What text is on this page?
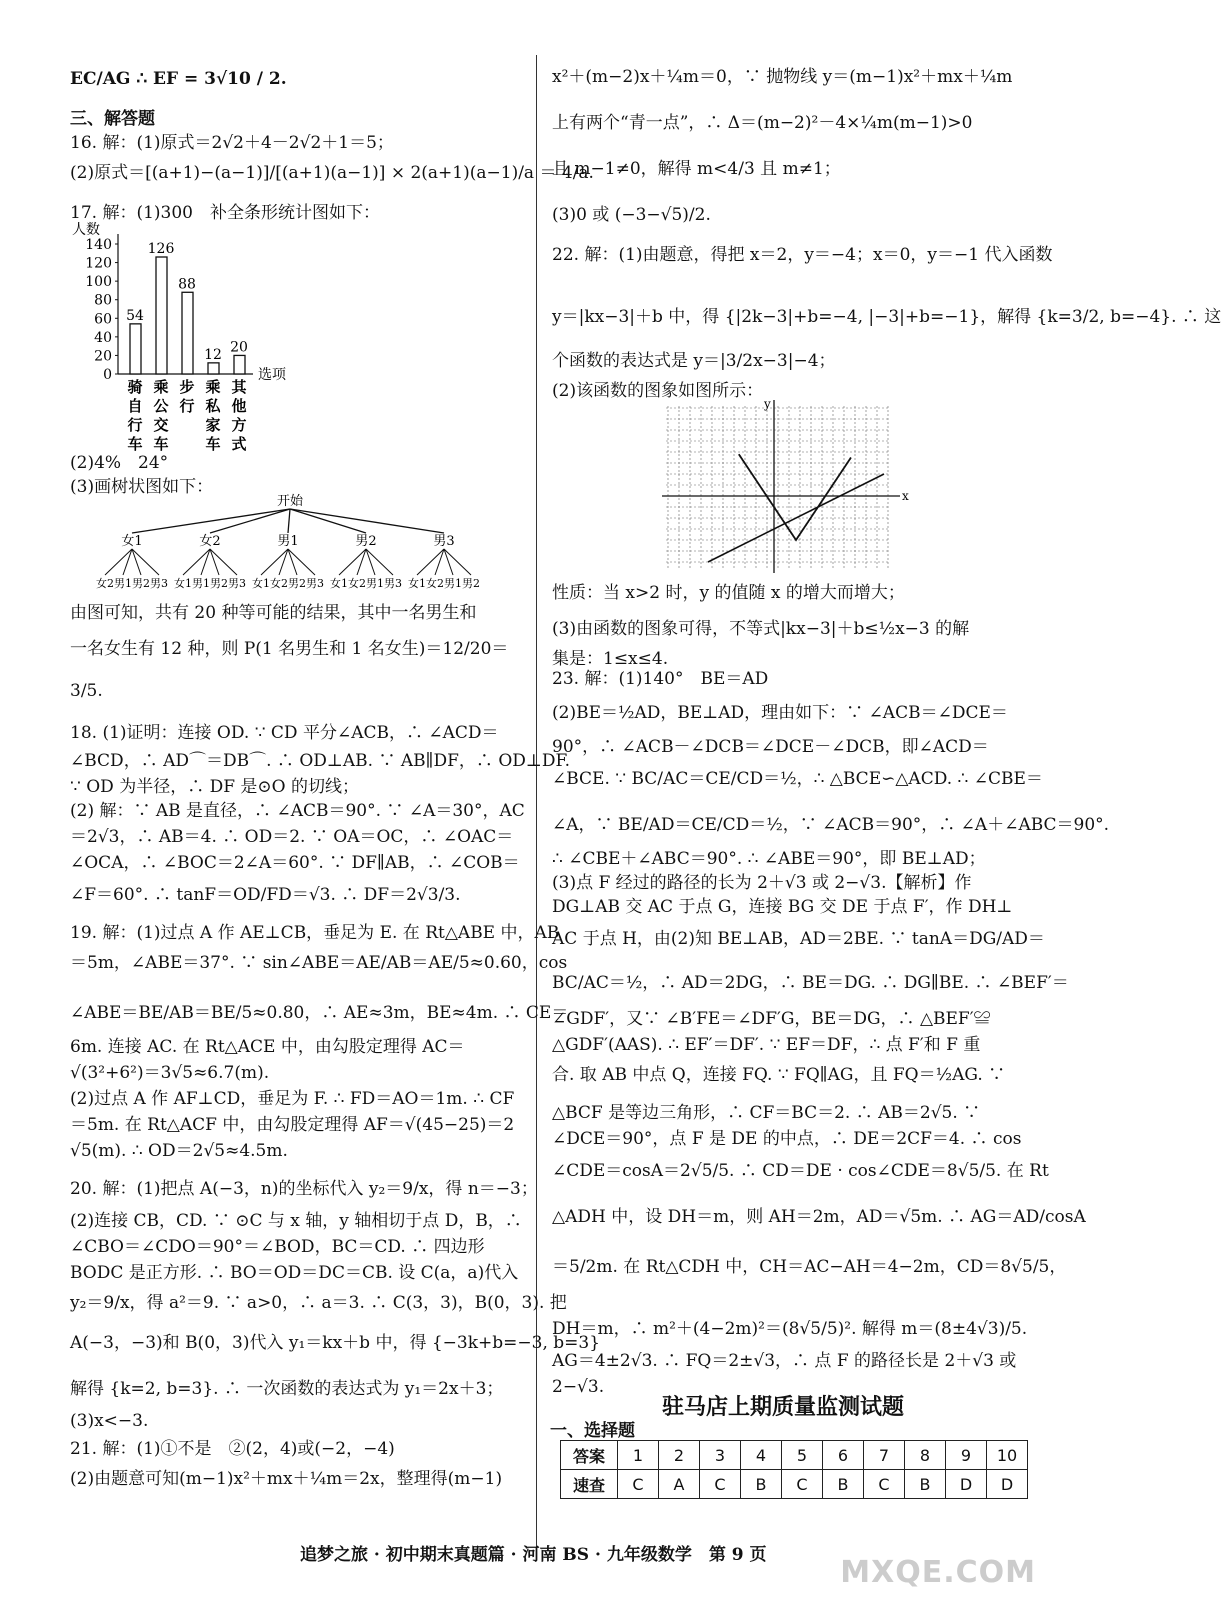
EC/AG ∴ EF = 3√10 / 2.
三、解答题
16. 解：(1)原式＝2√2＋4－2√2＋1＝5；
(2)原式＝[(a+1)−(a−1)]/[(a+1)(a−1)] × 2(a+1)(a−1)/a ＝ 4/a.
17. 解：(1)300　补全条形统计图如下：
人数
选项
140
120
100
80
60
40
20
0
54
骑
自
行
车
126
乘
公
交
车
88
步
行
12
乘
私
家
车
20
其
他
方
式
(2)4%　24°
(3)画树状图如下：
开始
女1
女2 男1 男2 男3
女2
女1 男1 男2 男3
男1
女1 女2 男2 男3
男2
女1 女2 男1 男3
男3
女1 女2 男1 男2
由图可知，共有 20 种等可能的结果，其中一名男生和
一名女生有 12 种，则 P(1 名男生和 1 名女生)＝12/20＝
3/5.
18. (1)证明：连接 OD. ∵ CD 平分∠ACB，∴ ∠ACD＝
∠BCD，∴ AD⌒＝DB⌒. ∴ OD⊥AB. ∵ AB∥DF，∴ OD⊥DF.
∵ OD 为半径，∴ DF 是⊙O 的切线；
(2) 解：∵ AB 是直径，∴ ∠ACB＝90°. ∵ ∠A＝30°，AC
＝2√3，∴ AB＝4. ∴ OD＝2. ∵ OA＝OC，∴ ∠OAC＝
∠OCA，∴ ∠BOC＝2∠A＝60°. ∵ DF∥AB，∴ ∠COB＝
∠F＝60°. ∴ tanF＝OD/FD＝√3. ∴ DF＝2√3/3.
19. 解：(1)过点 A 作 AE⊥CB，垂足为 E. 在 Rt△ABE 中，AB
＝5m，∠ABE＝37°. ∵ sin∠ABE＝AE/AB＝AE/5≈0.60，cos
∠ABE＝BE/AB＝BE/5≈0.80，∴ AE≈3m，BE≈4m. ∴ CE＝
6m. 连接 AC. 在 Rt△ACE 中，由勾股定理得 AC＝
√(3²+6²)＝3√5≈6.7(m).
(2)过点 A 作 AF⊥CD，垂足为 F. ∴ FD＝AO＝1m. ∴ CF
＝5m. 在 Rt△ACF 中，由勾股定理得 AF＝√(45−25)＝2
√5(m). ∴ OD＝2√5≈4.5m.
20. 解：(1)把点 A(−3，n)的坐标代入 y₂＝9/x，得 n＝−3；
(2)连接 CB，CD. ∵ ⊙C 与 x 轴，y 轴相切于点 D，B，∴
∠CBO＝∠CDO＝90°＝∠BOD，BC＝CD. ∴ 四边形
BODC 是正方形. ∴ BO＝OD＝DC＝CB. 设 C(a，a)代入
y₂＝9/x，得 a²＝9. ∵ a>0，∴ a＝3. ∴ C(3，3)，B(0，3). 把
A(−3，−3)和 B(0，3)代入 y₁＝kx＋b 中，得 {−3k+b=−3, b=3}
解得 {k=2, b=3}. ∴ 一次函数的表达式为 y₁＝2x＋3；
(3)x<−3.
21. 解：(1)①不是　②(2，4)或(−2，−4)
(2)由题意可知(m−1)x²＋mx＋¼m＝2x，整理得(m−1)
x²＋(m−2)x＋¼m＝0，∵ 抛物线 y＝(m−1)x²＋mx＋¼m
上有两个“青一点”，∴ Δ＝(m−2)²－4×¼m(m−1)>0
且 m−1≠0，解得 m<4/3 且 m≠1；
(3)0 或 (−3−√5)/2.
22. 解：(1)由题意，得把 x＝2，y＝−4；x＝0，y＝−1 代入函数
y＝|kx−3|＋b 中，得 {|2k−3|+b=−4, |−3|+b=−1}，解得 {k=3/2, b=−4}. ∴ 这
个函数的表达式是 y＝|3/2x−3|−4；
(2)该函数的图象如图所示：
x
y
性质：当 x>2 时，y 的值随 x 的增大而增大；
(3)由函数的图象可得，不等式|kx−3|＋b≤½x−3 的解
集是：1≤x≤4.
23. 解：(1)140°　BE＝AD
(2)BE＝½AD，BE⊥AD，理由如下：∵ ∠ACB＝∠DCE＝
90°，∴ ∠ACB－∠DCB＝∠DCE－∠DCB，即∠ACD＝
∠BCE. ∵ BC/AC＝CE/CD＝½，∴ △BCE∽△ACD. ∴ ∠CBE＝
∠A，∵ BE/AD＝CE/CD＝½，∵ ∠ACB＝90°，∴ ∠A＋∠ABC＝90°.
∴ ∠CBE＋∠ABC＝90°. ∴ ∠ABE＝90°，即 BE⊥AD；
(3)点 F 经过的路径的长为 2＋√3 或 2−√3.【解析】作
DG⊥AB 交 AC 于点 G，连接 BG 交 DE 于点 F′，作 DH⊥
AC 于点 H，由(2)知 BE⊥AB，AD＝2BE. ∵ tanA＝DG/AD＝
BC/AC＝½，∴ AD＝2DG，∴ BE＝DG. ∴ DG∥BE. ∴ ∠BEF′＝
∠GDF′，又∵ ∠B′FE＝∠DF′G，BE＝DG，∴ △BEF′≌
△GDF′(AAS). ∴ EF′＝DF′. ∵ EF＝DF，∴ 点 F′和 F 重
合. 取 AB 中点 Q，连接 FQ. ∵ FQ∥AG，且 FQ＝½AG. ∵
△BCF 是等边三角形，∴ CF＝BC＝2. ∴ AB＝2√5. ∵
∠DCE＝90°，点 F 是 DE 的中点，∴ DE＝2CF＝4. ∴ cos
∠CDE＝cosA＝2√5/5. ∴ CD＝DE · cos∠CDE＝8√5/5. 在 Rt
△ADH 中，设 DH＝m，则 AH＝2m，AD＝√5m. ∴ AG＝AD/cosA
＝5/2m. 在 Rt△CDH 中，CH＝AC−AH＝4−2m，CD＝8√5/5，
DH＝m，∴ m²＋(4−2m)²＝(8√5/5)². 解得 m＝(8±4√3)/5.
AG＝4±2√3. ∴ FQ＝2±√3，∴ 点 F 的路径长是 2＋√3 或
2−√3.
驻马店上期质量监测试题
一、选择题
答案	1	2	3	4	5	6	7	8	9	10
速查	C	A	C	B	C	B	C	B	D	D
追梦之旅 · 初中期末真题篇 · 河南 BS · 九年级数学　第 9 页 MXQE.COM
